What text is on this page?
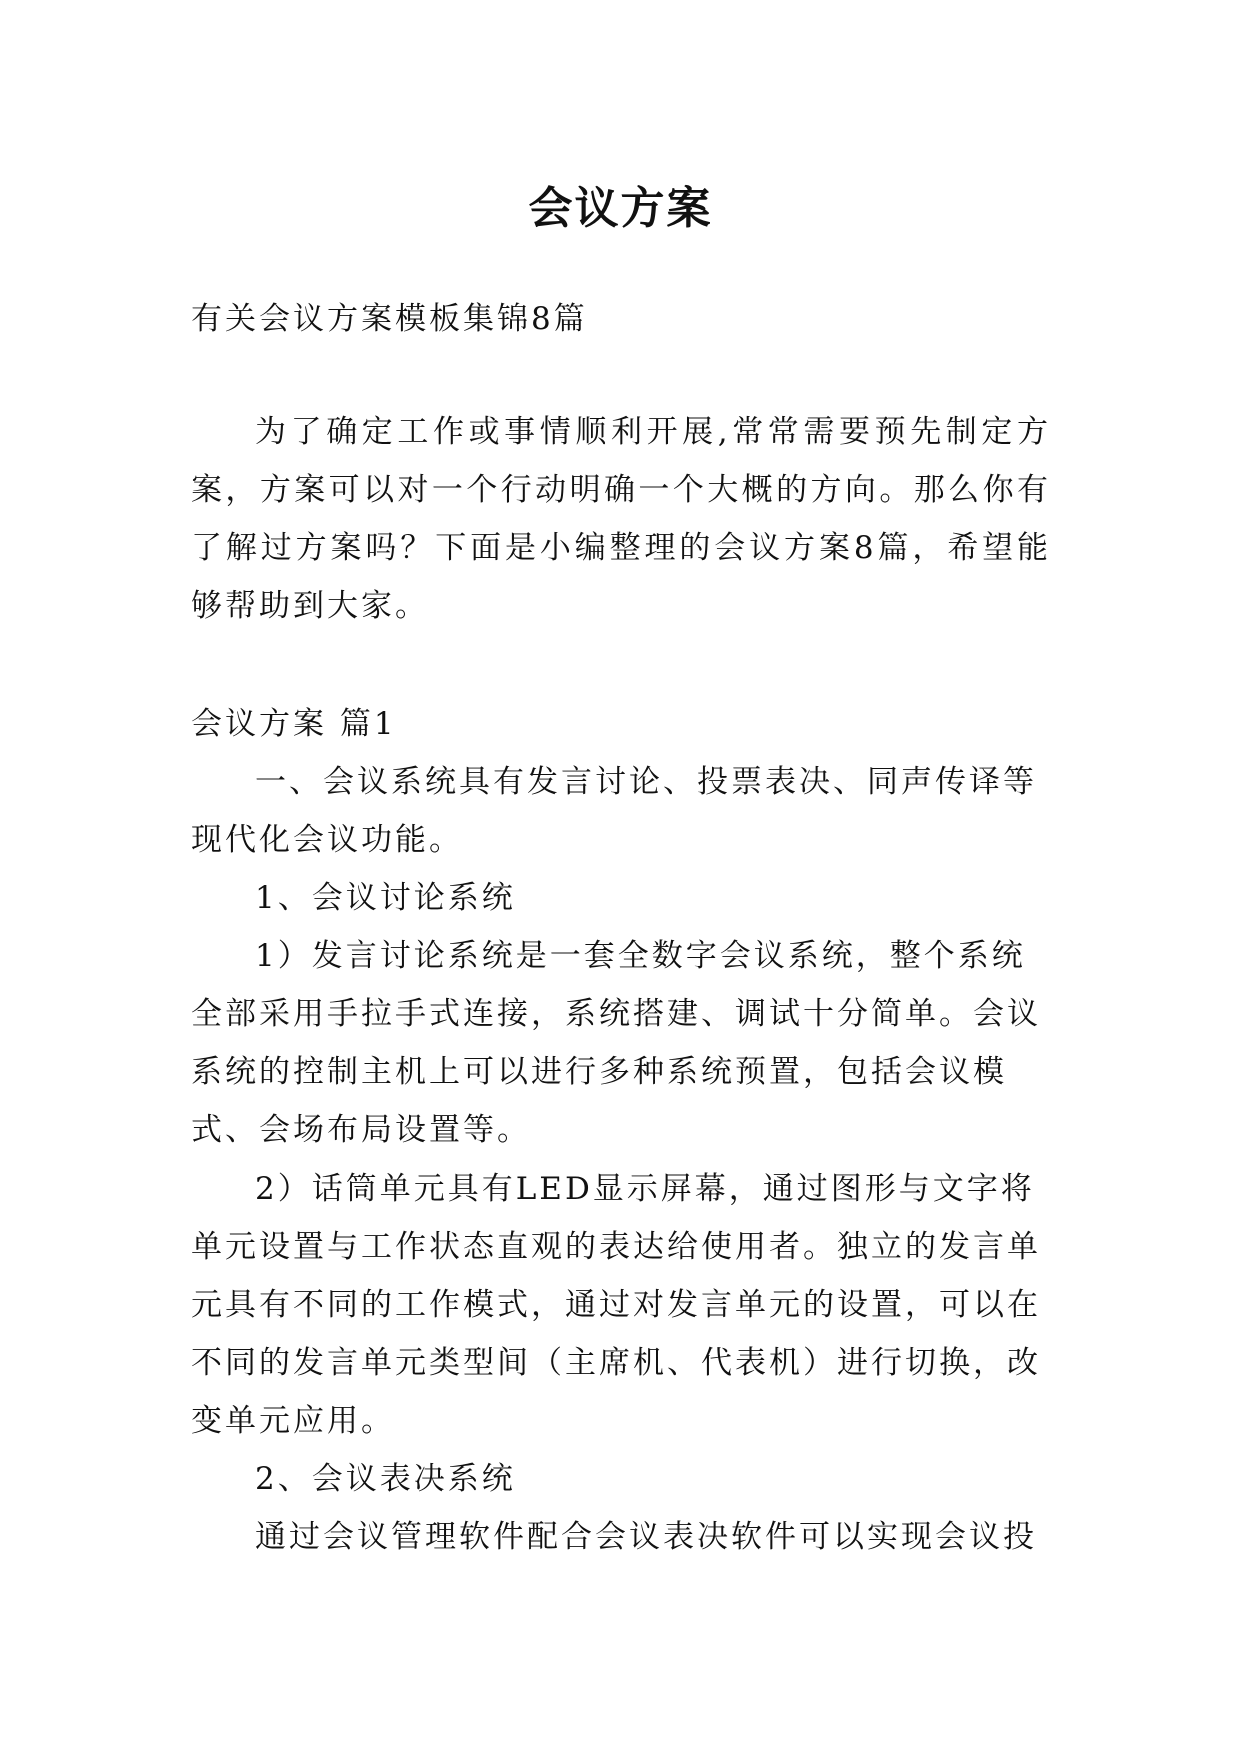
会议方案

有关会议方案模板集锦8篇

为了确定工作或事情顺利开展,常常需要预先制定方案，方案可以对一个行动明确一个大概的方向。那么你有了解过方案吗？下面是小编整理的会议方案8篇，希望能够帮助到大家。

会议方案 篇1

一、会议系统具有发言讨论、投票表决、同声传译等现代化会议功能。

1、会议讨论系统

1）发言讨论系统是一套全数字会议系统，整个系统全部采用手拉手式连接，系统搭建、调试十分简单。会议系统的控制主机上可以进行多种系统预置，包括会议模式、会场布局设置等。

2）话筒单元具有LED显示屏幕，通过图形与文字将单元设置与工作状态直观的表达给使用者。独立的发言单元具有不同的工作模式，通过对发言单元的设置，可以在不同的发言单元类型间（主席机、代表机）进行切换，改变单元应用。

2、会议表决系统

通过会议管理软件配合会议表决软件可以实现会议投
